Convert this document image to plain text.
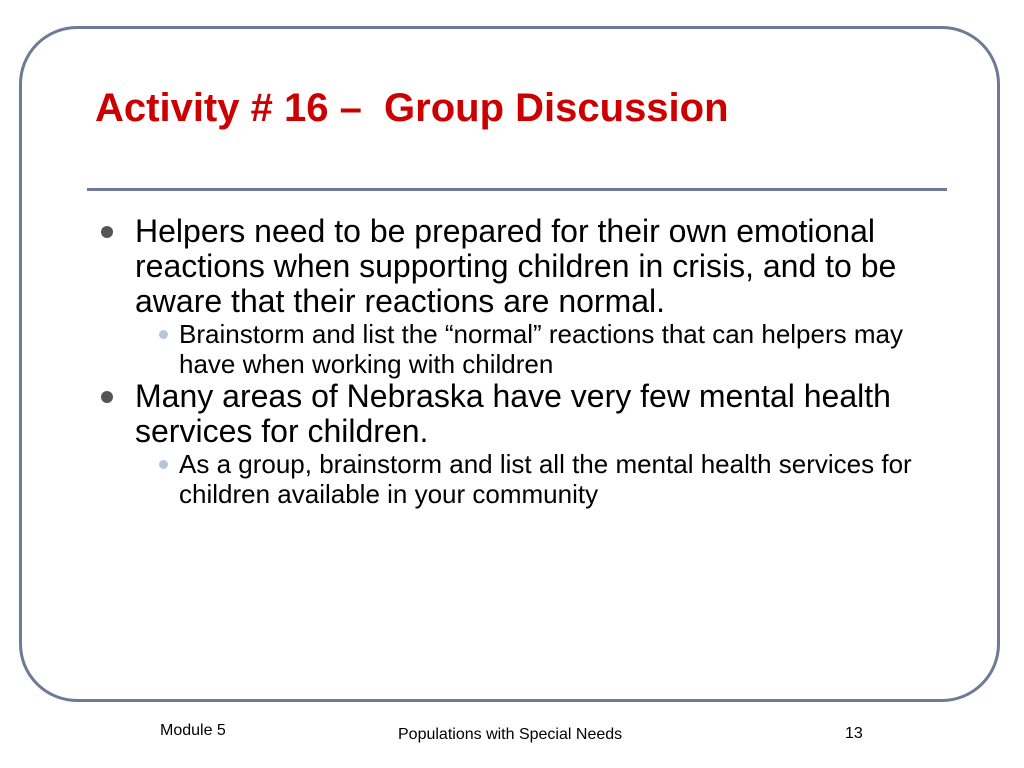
Activity # 16 –  Group Discussion
Helpers need to be prepared for their own emotional reactions when supporting children in crisis, and to be aware that their reactions are normal.
Brainstorm and list the “normal” reactions that can helpers may have when working with children
Many areas of Nebraska have very few mental health services for children.
As a group, brainstorm and list all the mental health services for children available in your community
Module 5	Populations with Special Needs	13
